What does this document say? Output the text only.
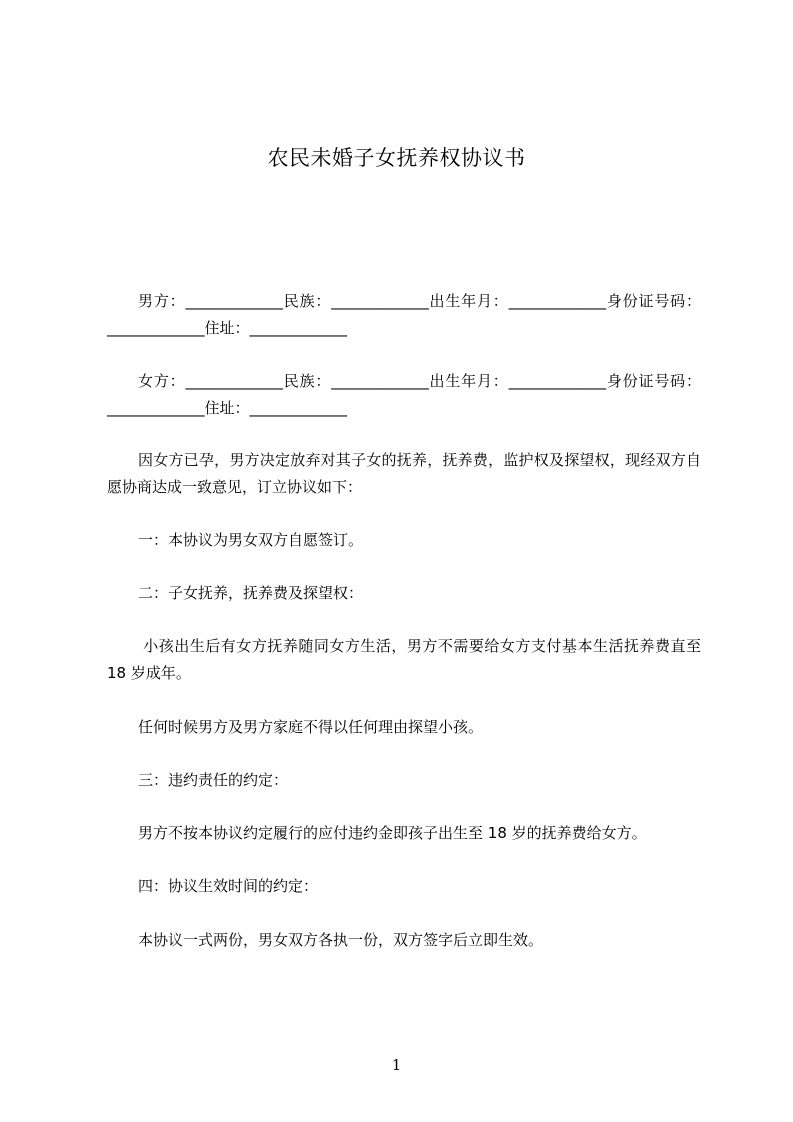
农民未婚子女抚养权协议书
男方：_____________民族：_____________出生年月：_____________身份证号码：_____________住址：_____________
女方：_____________民族：_____________出生年月：_____________身份证号码：_____________住址：_____________
因女方已孕，男方决定放弃对其子女的抚养，抚养费，监护权及探望权，现经双方自愿协商达成一致意见，订立协议如下：
一：本协议为男女双方自愿签订。
二：子女抚养，抚养费及探望权：
小孩出生后有女方抚养随同女方生活，男方不需要给女方支付基本生活抚养费直至 18 岁成年。
任何时候男方及男方家庭不得以任何理由探望小孩。
三：违约责任的约定：
男方不按本协议约定履行的应付违约金即孩子出生至 18 岁的抚养费给女方。
四：协议生效时间的约定：
本协议一式两份，男女双方各执一份，双方签字后立即生效。
1
